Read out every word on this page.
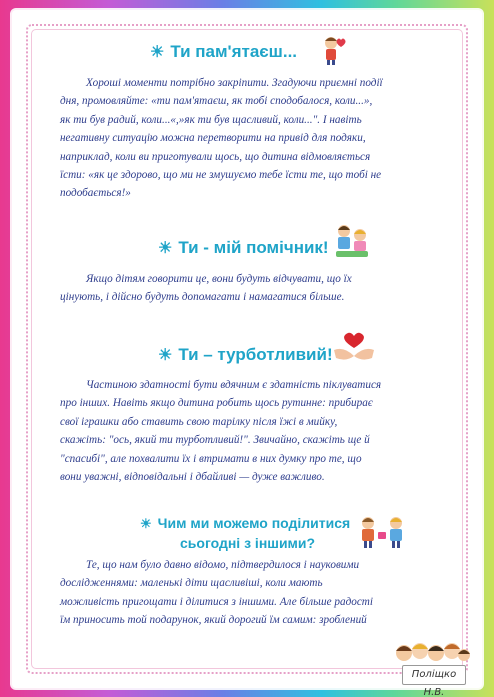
☀ Ти пам'ятаєш...
Хороші моменти потрібно закріпити. Згадуючи приємні події
дня, промовляйте: «ти пам'ятаєш, як тобі сподобалося, коли...»,
як ти був радий, коли...«,»як ти був щасливий, коли...". І навіть
негативну ситуацію можна перетворити на привід для подяки,
наприклад, коли ви приготували щось, що дитина відмовляється
їсти: «як це здорово, що ми не змушуємо тебе їсти те, що тобі не
подобається!»
☀ Ти - мій помічник!
Якщо дітям говорити це, вони будуть відчувати, що їх
цінують, і дійсно будуть допомагати і намагатися більше.
☀ Ти – турботливий!
Частиною здатності бути вдячним є здатність піклуватися
про інших. Навіть якщо дитина робить щось рутинне: прибирає
свої іграшки або ставить свою тарілку після їжі в мийку,
скажіть: "ось, який ти турботливий!". Звичайно, скажіть ще й
"спасибі", але похвалити їх і втримати в них думку про те, що
вони уважні, відповідальні і дбайливі — дуже важливо.
☀ Чим ми можемо поділитися
сьогодні з іншими?
Те, що нам було давно відомо, підтвердилося і науковими
дослідженнями: маленькі діти щасливіші, коли мають
можливість пригощати і ділитися з іншими. Але більше радості
їм приносить той подарунок, який дорогий їм самим: зроблений
Поліщко Н.В.
